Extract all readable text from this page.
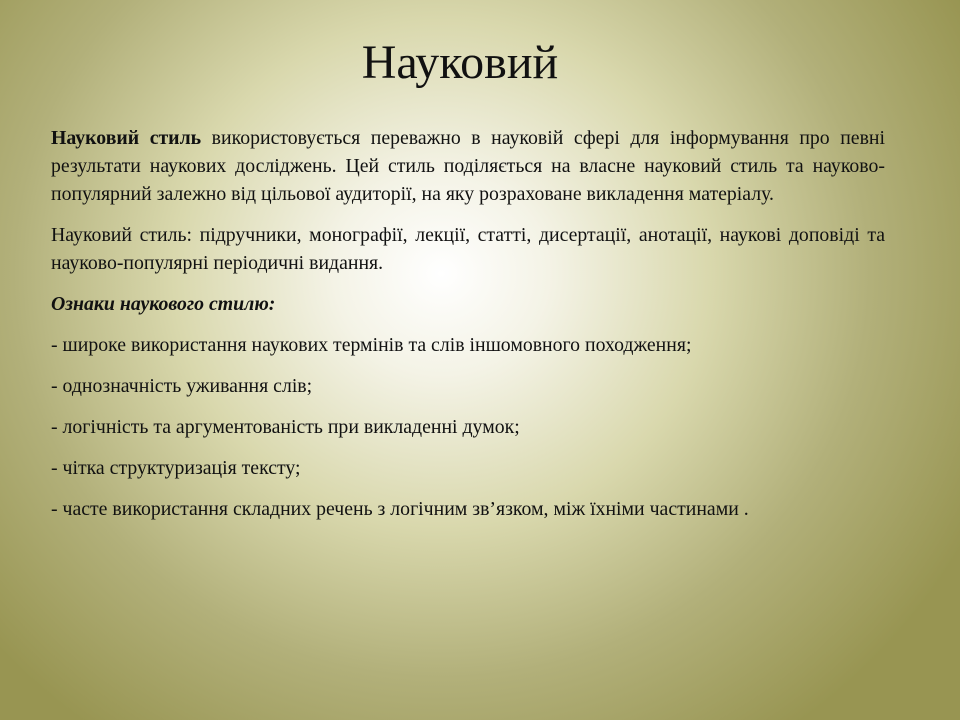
Науковий

Науковий стиль використовується переважно в науковій сфері для інформування про певні результати наукових досліджень. Цей стиль поділяється на власне науковий стиль та науково-популярний залежно від цільової аудиторії, на яку розраховане викладення матеріалу.

Науковий стиль: підручники, монографії, лекції, статті, дисертації, анотації, наукові доповіді та науково-популярні періодичні видання.

Ознаки наукового стилю:

- широке використання наукових термінів та слів іншомовного походження;

- однозначність уживання слів;

- логічність та аргументованість при викладенні думок;

- чітка структуризація тексту;

- часте використання складних речень з логічним зв’язком, між їхніми частинами .
